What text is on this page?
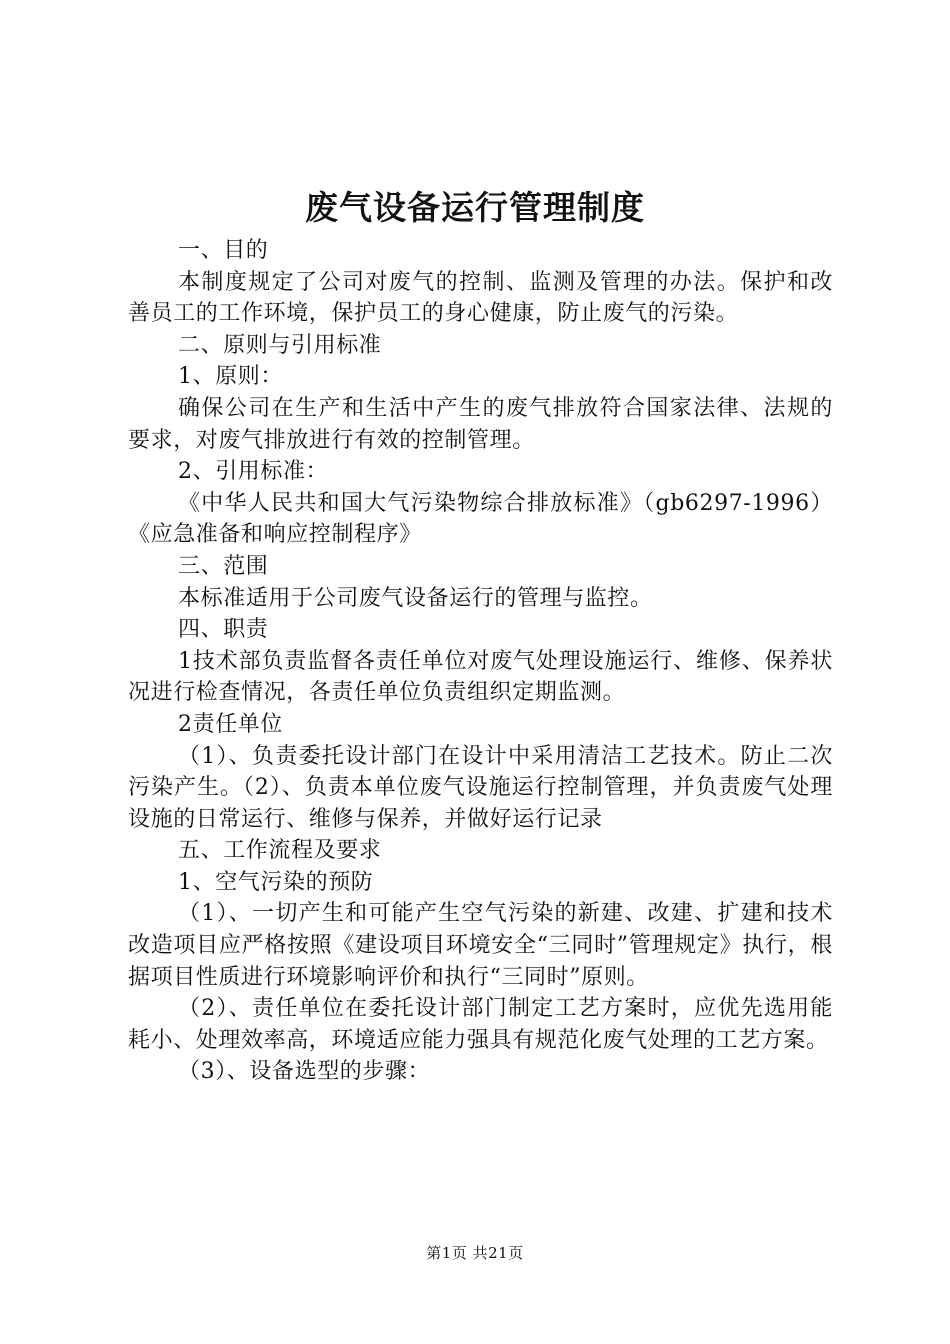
废气设备运行管理制度

一、目的

本制度规定了公司对废气的控制、监测及管理的办法。保护和改善员工的工作环境，保护员工的身心健康，防止废气的污染。

二、原则与引用标准

1、原则：

确保公司在生产和生活中产生的废气排放符合国家法律、法规的要求，对废气排放进行有效的控制管理。

2、引用标准：

《中华人民共和国大气污染物综合排放标准》（gb6297-1996）《应急准备和响应控制程序》

三、范围

本标准适用于公司废气设备运行的管理与监控。

四、职责

1技术部负责监督各责任单位对废气处理设施运行、维修、保养状况进行检查情况，各责任单位负责组织定期监测。

2责任单位

（1）、负责委托设计部门在设计中采用清洁工艺技术。防止二次污染产生。（2）、负责本单位废气设施运行控制管理，并负责废气处理设施的日常运行、维修与保养，并做好运行记录

五、工作流程及要求

1、空气污染的预防

（1）、一切产生和可能产生空气污染的新建、改建、扩建和技术改造项目应严格按照《建设项目环境安全“三同时”管理规定》执行，根据项目性质进行环境影响评价和执行“三同时”原则。

（2）、责任单位在委托设计部门制定工艺方案时，应优先选用能耗小、处理效率高，环境适应能力强具有规范化废气处理的工艺方案。

（3）、设备选型的步骤：

第1页 共21页
